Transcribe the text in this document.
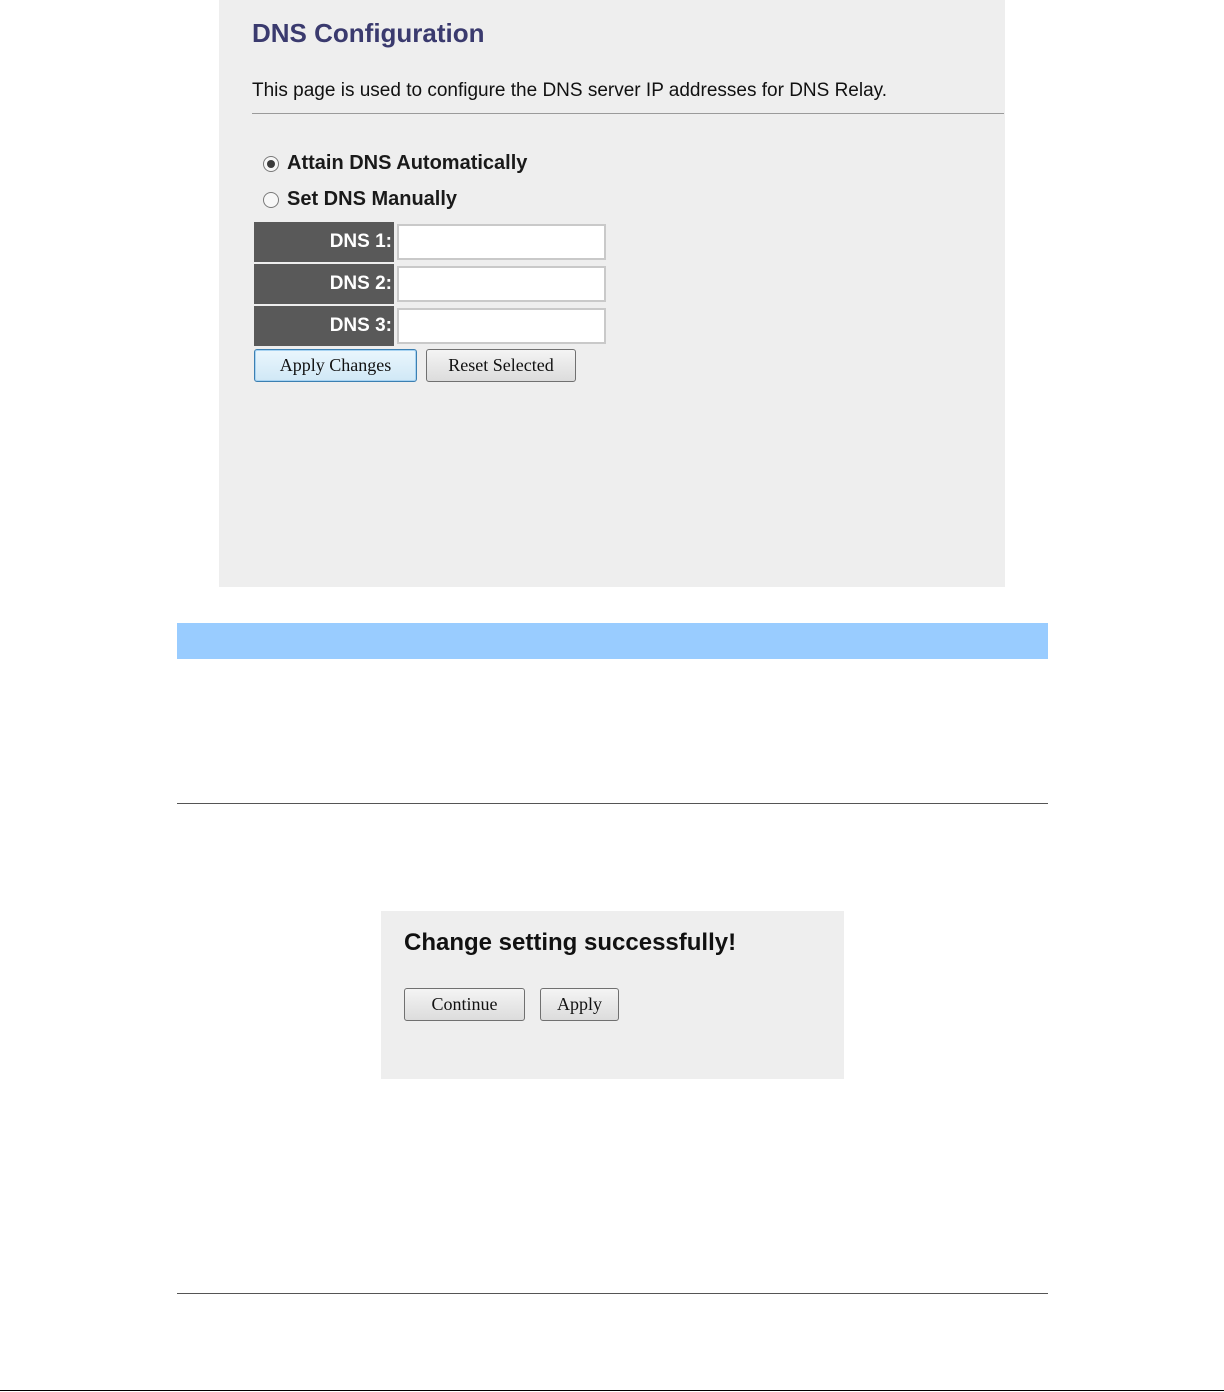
DNS Configuration

This page is used to configure the DNS server IP addresses for DNS Relay.

Attain DNS Automatically
Set DNS Manually
DNS 1:
DNS 2:
DNS 3:
Apply Changes	Reset Selected
Change setting successfully!
Continue	Apply
